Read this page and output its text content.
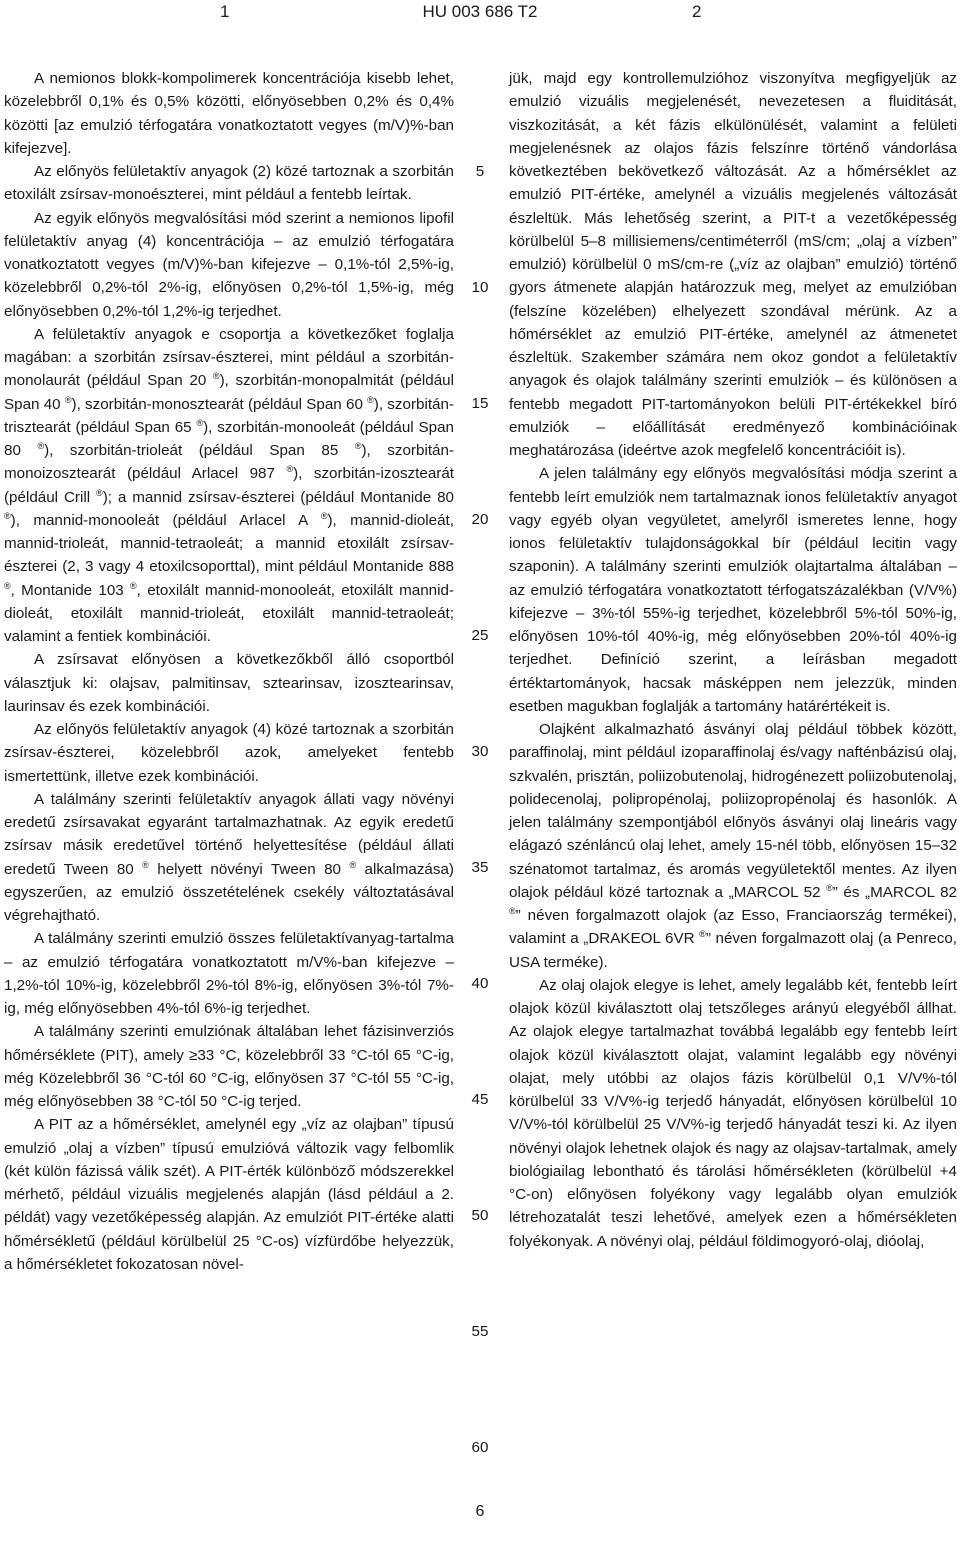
1	HU 003 686 T2	2

A nemionos blokk-kompolimerek koncentrációja kisebb lehet, közelebbről 0,1% és 0,5% közötti, előnyösebben 0,2% és 0,4% közötti [az emulzió térfogatára vonatkoztatott vegyes (m/V)%-ban kifejezve].

Az előnyös felületaktív anyagok (2) közé tartoznak a szorbitán etoxilált zsírsav-monoészterei, mint például a fentebb leírtak.

Az egyik előnyös megvalósítási mód szerint a nemionos lipofil felületaktív anyag (4) koncentrációja – az emulzió térfogatára vonatkoztatott vegyes (m/V)%-ban kifejezve – 0,1%-tól 2,5%-ig, közelebbről 0,2%-tól 2%-ig, előnyösen 0,2%-tól 1,5%-ig, még előnyösebben 0,2%-tól 1,2%-ig terjedhet.

A felületaktív anyagok e csoportja a következőket foglalja magában: a szorbitán zsírsav-észterei, mint például a szorbitán-monolaurát (például Span 20 ®), szorbitán-monopalmitát (például Span 40 ®), szorbitán-monosztearát (például Span 60 ®), szorbitán-trisztearát (például Span 65 ®), szorbitán-monooleát (például Span 80 ®), szorbitán-trioleát (például Span 85 ®), szorbitán-monoizosztearát (például Arlacel 987 ®), szorbitán-izosztearát (például Crill ®); a mannid zsírsav-észterei (például Montanide 80 ®), mannid-monooleát (például Arlacel A ®), mannid-dioleát, mannid-trioleát, mannid-tetraoleát; a mannid etoxilált zsírsav-észterei (2, 3 vagy 4 etoxilcsoporttal), mint például Montanide 888 ®, Montanide 103 ®, etoxilált mannid-monooleát, etoxilált mannid-dioleát, etoxilált mannid-trioleát, etoxilált mannid-tetraoleát; valamint a fentiek kombinációi.

A zsírsavat előnyösen a következőkből álló csoportból választjuk ki: olajsav, palmitinsav, sztearinsav, izosztearinsav, laurinsav és ezek kombinációi.

Az előnyös felületaktív anyagok (4) közé tartoznak a szorbitán zsírsav-észterei, közelebbről azok, amelyeket fentebb ismertettünk, illetve ezek kombinációi.

A találmány szerinti felületaktív anyagok állati vagy növényi eredetű zsírsavakat egyaránt tartalmazhatnak. Az egyik eredetű zsírsav másik eredetűvel történő helyettesítése (például állati eredetű Tween 80 ® helyett növényi Tween 80 ® alkalmazása) egyszerűen, az emulzió összetételének csekély változtatásával végrehajtható.

A találmány szerinti emulzió összes felületaktívanyag-tartalma – az emulzió térfogatára vonatkoztatott m/V%-ban kifejezve – 1,2%-tól 10%-ig, közelebbről 2%-tól 8%-ig, előnyösen 3%-tól 7%-ig, még előnyösebben 4%-tól 6%-ig terjedhet.

A találmány szerinti emulziónak általában lehet fázisinverziós hőmérséklete (PIT), amely ≥33 °C, közelebbről 33 °C-tól 65 °C-ig, még Közelebbről 36 °C-tól 60 °C-ig, előnyösen 37 °C-tól 55 °C-ig, még előnyösebben 38 °C-tól 50 °C-ig terjed.

A PIT az a hőmérséklet, amelynél egy „víz az olajban” típusú emulzió „olaj a vízben” típusú emulzióvá változik vagy felbomlik (két külön fázissá válik szét). A PIT-érték különböző módszerekkel mérhető, például vizuális megjelenés alapján (lásd például a 2. példát) vagy vezetőképesség alapján. Az emulziót PIT-értéke alatti hőmérsékletű (például körülbelül 25 °C-os) vízfürdőbe helyezzük, a hőmérsékletet fokozatosan növel-

5
10
15
20
25
30
35
40
45
50
55
60

jük, majd egy kontrollemulzióhoz viszonyítva megfigyeljük az emulzió vizuális megjelenését, nevezetesen a fluiditását, viszkozitását, a két fázis elkülönülését, valamint a felületi megjelenésnek az olajos fázis felszínre történő vándorlása következtében bekövetkező változását. Az a hőmérséklet az emulzió PIT-értéke, amelynél a vizuális megjelenés változását észleltük. Más lehetőség szerint, a PIT-t a vezetőképesség körülbelül 5–8 millisiemens/centiméterről (mS/cm; „olaj a vízben” emulzió) körülbelül 0 mS/cm-re („víz az olajban” emulzió) történő gyors átmenete alapján határozzuk meg, melyet az emulzióban (felszíne közelében) elhelyezett szondával mérünk. Az a hőmérséklet az emulzió PIT-értéke, amelynél az átmenetet észleltük. Szakember számára nem okoz gondot a felületaktív anyagok és olajok találmány szerinti emulziók – és különösen a fentebb megadott PIT-tartományokon belüli PIT-értékekkel bíró emulziók – előállítását eredményező kombinációinak meghatározása (ideértve azok megfelelő koncentrációit is).

A jelen találmány egy előnyös megvalósítási módja szerint a fentebb leírt emulziók nem tartalmaznak ionos felületaktív anyagot vagy egyéb olyan vegyületet, amelyről ismeretes lenne, hogy ionos felületaktív tulajdonságokkal bír (például lecitin vagy szaponin). A találmány szerinti emulziók olajtartalma általában – az emulzió térfogatára vonatkoztatott térfogatszázalékban (V/V%) kifejezve – 3%-tól 55%-ig terjedhet, közelebbről 5%-tól 50%-ig, előnyösen 10%-tól 40%-ig, még előnyösebben 20%-tól 40%-ig terjedhet. Definíció szerint, a leírásban megadott értéktartományok, hacsak másképpen nem jelezzük, minden esetben magukban foglalják a tartomány határértékeit is.

Olajként alkalmazható ásványi olaj például többek között, paraffinolaj, mint például izoparaffinolaj és/vagy nafténbázisú olaj, szkvalén, prisztán, poliizobutenolaj, hidrogénezett poliizobutenolaj, polidecenolaj, polipropénolaj, poliizopropénolaj és hasonlók. A jelen találmány szempontjából előnyös ásványi olaj lineáris vagy elágazó szénláncú olaj lehet, amely 15-nél több, előnyösen 15–32 szénatomot tartalmaz, és aromás vegyületektől mentes. Az ilyen olajok például közé tartoznak a „MARCOL 52 ®” és „MARCOL 82 ®” néven forgalmazott olajok (az Esso, Franciaország termékei), valamint a „DRAKEOL 6VR ®” néven forgalmazott olaj (a Penreco, USA terméke).

Az olaj olajok elegye is lehet, amely legalább két, fentebb leírt olajok közül kiválasztott olaj tetszőleges arányú elegyéből állhat. Az olajok elegye tartalmazhat továbbá legalább egy fentebb leírt olajok közül kiválasztott olajat, valamint legalább egy növényi olajat, mely utóbbi az olajos fázis körülbelül 0,1 V/V%-tól körülbelül 33 V/V%-ig terjedő hányadát, előnyösen körülbelül 10 V/V%-tól körülbelül 25 V/V%-ig terjedő hányadát teszi ki. Az ilyen növényi olajok lehetnek olajok és nagy az olajsav-tartalmak, amely biológiailag lebontható és tárolási hőmérsékleten (körülbelül +4 °C-on) előnyösen folyékony vagy legalább olyan emulziók létrehozatalát teszi lehetővé, amelyek ezen a hőmérsékleten folyékonyak. A növényi olaj, például földimogyoró-olaj, dióolaj,

6
